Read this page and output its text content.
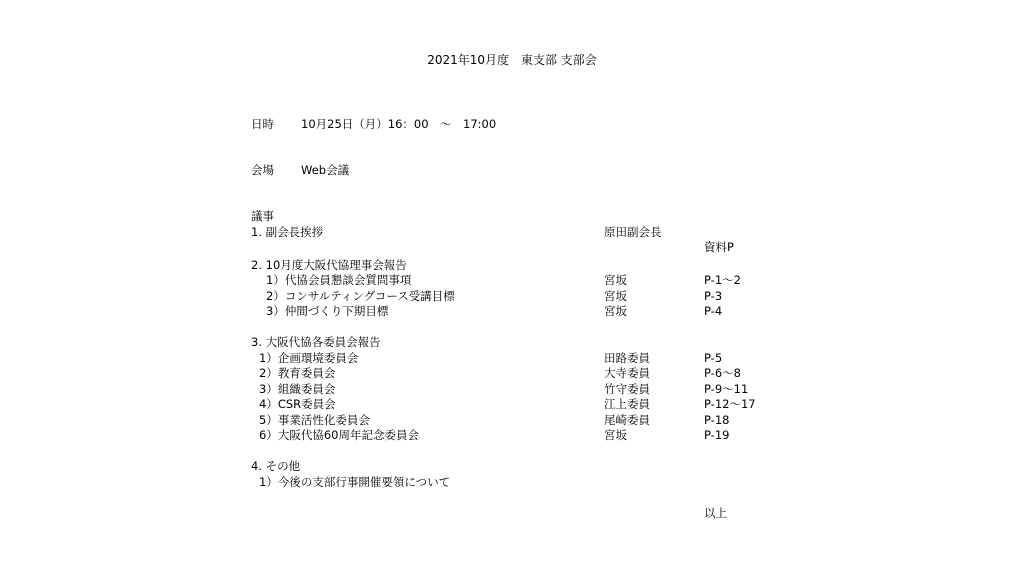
2021年10月度　東支部 支部会
日時 10月25日（月）16：00　～　17:00
会場 Web会議
議事
1. 副会長挨拶	原田副会長
資料P
2. 10月度大阪代協理事会報告
1）代協会員懇談会質問事項	宮坂	P-1～2
2）コンサルティングコース受講目標	宮坂	P-3
3）仲間づくり下期目標	宮坂	P-4
3. 大阪代協各委員会報告
1）企画環境委員会	田路委員	P-5
2）教育委員会	大寺委員	P-6～8
3）組織委員会	竹守委員	P-9～11
4）CSR委員会	江上委員	P-12～17
5）事業活性化委員会	尾崎委員	P-18
6）大阪代協60周年記念委員会	宮坂	P-19
4. その他
1）今後の支部行事開催要領について
以上
